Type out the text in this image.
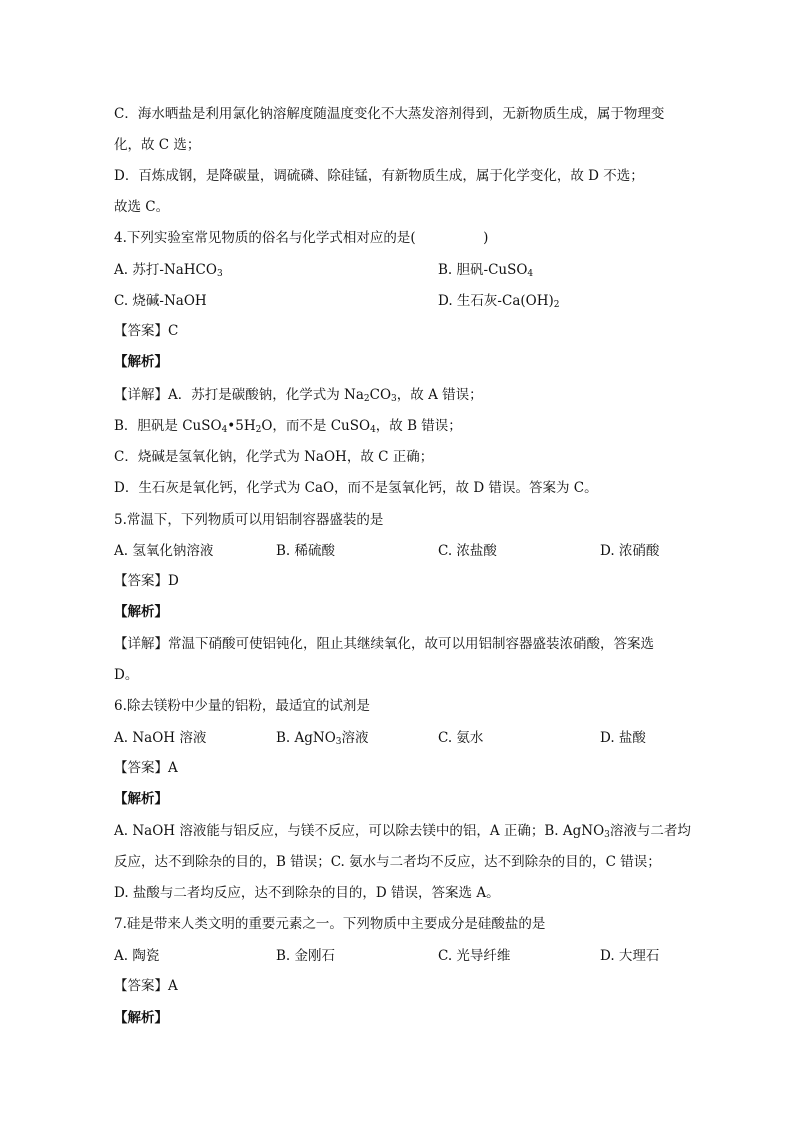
C．海水晒盐是利用氯化钠溶解度随温度变化不大蒸发溶剂得到，无新物质生成，属于物理变
化，故 C 选；
D．百炼成钢，是降碳量，调硫磷、除硅锰，有新物质生成，属于化学变化，故 D 不选；
故选 C。
4.下列实验室常见物质的俗名与化学式相对应的是(　　　　　)
A. 苏打-NaHCO$_3$	B. 胆矾-CuSO$_4$
C. 烧碱-NaOH	D. 生石灰$-Ca(OH)_2$
【答案】C
【解析】
【详解】A．苏打是碳酸钠，化学式为 $Na_2CO_3$，故 A 错误；
B．胆矾是 $CuSO_4•5H_2O$，而不是 CuSO$_4$，故 B 错误；
C．烧碱是氢氧化钠，化学式为 NaOH，故 C 正确；
D．生石灰是氧化钙，化学式为 CaO，而不是氢氧化钙，故 D 错误。答案为 C。
5.常温下，下列物质可以用铝制容器盛装的是
A. 氢氧化钠溶液	B. 稀硫酸	C. 浓盐酸	D. 浓硝酸
【答案】D
【解析】
【详解】常温下硝酸可使铝钝化，阻止其继续氧化，故可以用铝制容器盛装浓硝酸，答案选
D。
6.除去镁粉中少量的铝粉，最适宜的试剂是
A. NaOH 溶液	B. AgNO$_3$溶液	C. 氨水	D. 盐酸
【答案】A
【解析】
A. NaOH 溶液能与铝反应，与镁不反应，可以除去镁中的铝，A 正确；B. AgNO$_3$溶液与二者均
反应，达不到除杂的目的，B 错误；C. 氨水与二者均不反应，达不到除杂的目的，C 错误；
D. 盐酸与二者均反应，达不到除杂的目的，D 错误，答案选 A。
7.硅是带来人类文明的重要元素之一。下列物质中主要成分是硅酸盐的是
A. 陶瓷	B. 金刚石	C. 光导纤维	D. 大理石
【答案】A
【解析】
